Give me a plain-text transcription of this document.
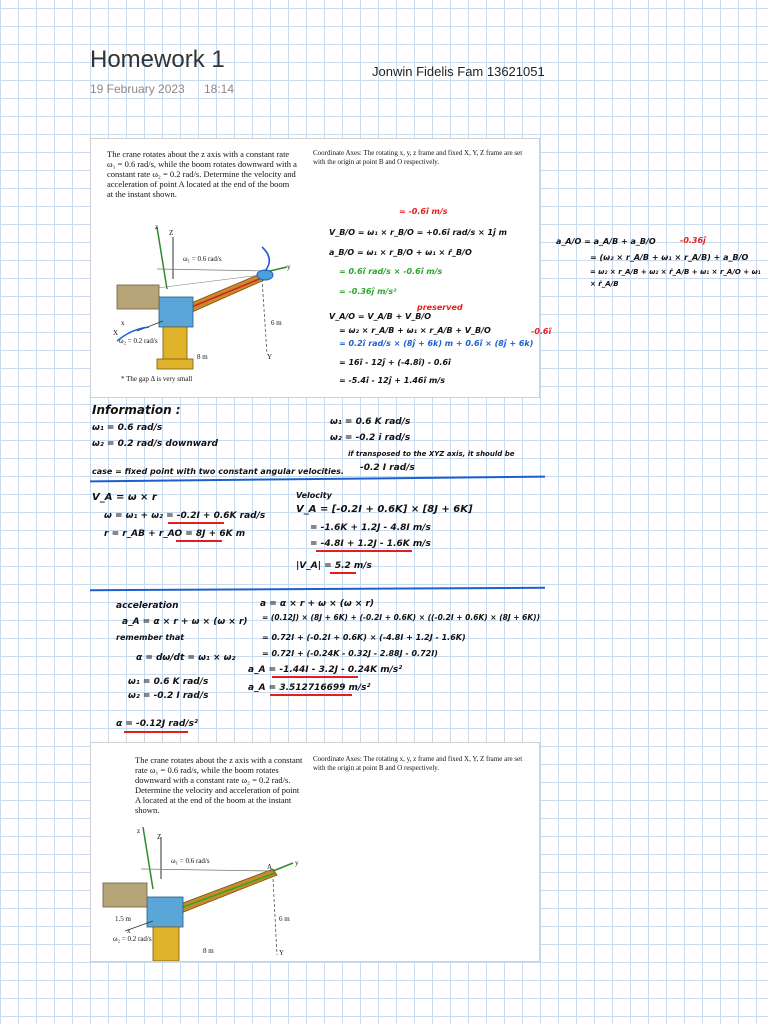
Homework 1
19 February 2023 18:14
Jonwin Fidelis Fam 13621051
The crane rotates about the z axis with a constant rate ω₁ = 0.6 rad/s, while the boom rotates downward with a constant rate ω₂ = 0.2 rad/s. Determine the velocity and acceleration of point A located at the end of the boom at the instant shown.
Coordinate Axes: The rotating x, y, z frame and fixed X, Y, Z frame are set with the origin at point B and O respectively.
z
Z
ω₁ = 0.6 rad/s
y
x
X
ω₂ = 0.2 rad/s
6 m
8 m	Y
* The gap Δ is very small
= -0.6î m/s
V_B/O = ω₁ × r_B/O = +0.6î rad/s × 1ĵ m
a_B/O = ω₁ × r_B/O + ω₁ × ṙ_B/O
= 0.6î rad/s × -0.6î m/s
= -0.36ĵ m/s²
preserved
V_A/O = V_A/B + V_B/O
= ω₂ × r_A/B + ω₁ × r_A/B + V_B/O
= 0.2î rad/s × (8ĵ + 6k) m + 0.6î × (8ĵ + 6k)
-0.6î
= 16î - 12ĵ + (-4.8î) - 0.6î
= -5.4î - 12ĵ + 1.46î m/s
a_A/O = a_A/B + a_B/O	-0.36ĵ
= (ω₂ × r_A/B + ω₁ × r_A/B) + a_B/O
= ω₂ × r_A/B + ω₂ × ṙ_A/B + ω₁ × r_A/O + ω₁ × ṙ_A/B
Information :
ω₁ = 0.6 rad/s
ω₂ = 0.2 rad/s downward
ω₁ = 0.6 K rad/s
ω₂ = -0.2 i rad/s
if transposed to the XYZ axis, it should be
-0.2 I rad/s
case = fixed point with two constant angular velocities.
V_A = ω × r
ω = ω₁ + ω₂ = -0.2I + 0.6K rad/s
r = r_AB + r_AO = 8J + 6K m
Velocity
V_A = [-0.2I + 0.6K] × [8J + 6K]
= -1.6K + 1.2J - 4.8I m/s
= -4.8I + 1.2J - 1.6K m/s
|V_A| = 5.2 m/s
acceleration
a_A = α × r + ω × (ω × r)
remember that
α = dω/dt = ω₁ × ω₂
ω₁ = 0.6 K rad/s
ω₂ = -0.2 I rad/s
α = -0.12J rad/s²
a = α × r + ω × (ω × r)
= (0.12J) × (8J + 6K) + (-0.2I + 0.6K) × ((-0.2I + 0.6K) × (8J + 6K))
= 0.72I + (-0.2I + 0.6K) × (-4.8I + 1.2J - 1.6K)
= 0.72I + (-0.24K - 0.32J - 2.88J - 0.72I)
a_A = -1.44I - 3.2J - 0.24K m/s²
a_A = 3.512716699 m/s²
The crane rotates about the z axis with a constant rate ω₁ = 0.6 rad/s, while the boom rotates downward with a constant rate ω₂ = 0.2 rad/s. Determine the velocity and acceleration of point A located at the end of the boom at the instant shown.
Coordinate Axes: The rotating x, y, z frame and fixed X, Y, Z frame are set with the origin at point B and O respectively.
z
Z
ω₁ = 0.6 rad/s
A	y
1.5 m
x
ω₂ = 0.2 rad/s
6 m
8 m	Y
